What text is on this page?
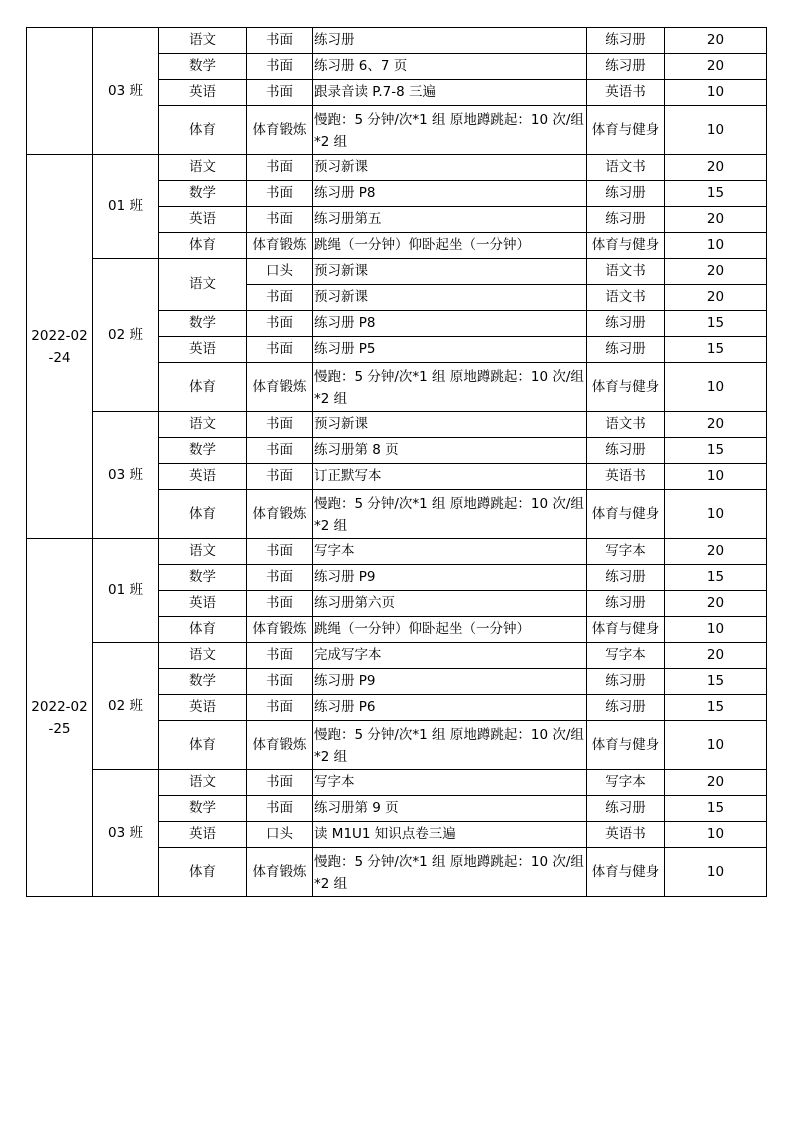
	03 班	语文	书面	练习册	练习册	20
		数学	书面	练习册 6、7 页	练习册	20
		英语	书面	跟录音读 P.7-8 三遍	英语书	10
		体育	体育锻炼	慢跑：5 分钟/次*1 组 原地蹲跳起：10 次/组*2 组	体育与健身	10
2022-02-24	01 班	语文	书面	预习新课	语文书	20
		数学	书面	练习册 P8	练习册	15
		英语	书面	练习册第五	练习册	20
		体育	体育锻炼	跳绳（一分钟）仰卧起坐（一分钟）	体育与健身	10
	02 班	语文	口头	预习新课	语文书	20
			书面	预习新课	语文书	20
		数学	书面	练习册 P8	练习册	15
		英语	书面	练习册 P5	练习册	15
		体育	体育锻炼	慢跑：5 分钟/次*1 组 原地蹲跳起：10 次/组*2 组	体育与健身	10
	03 班	语文	书面	预习新课	语文书	20
		数学	书面	练习册第 8 页	练习册	15
		英语	书面	订正默写本	英语书	10
		体育	体育锻炼	慢跑：5 分钟/次*1 组 原地蹲跳起：10 次/组*2 组	体育与健身	10
2022-02-25	01 班	语文	书面	写字本	写字本	20
		数学	书面	练习册 P9	练习册	15
		英语	书面	练习册第六页	练习册	20
		体育	体育锻炼	跳绳（一分钟）仰卧起坐（一分钟）	体育与健身	10
	02 班	语文	书面	完成写字本	写字本	20
		数学	书面	练习册 P9	练习册	15
		英语	书面	练习册 P6	练习册	15
		体育	体育锻炼	慢跑：5 分钟/次*1 组 原地蹲跳起：10 次/组*2 组	体育与健身	10
	03 班	语文	书面	写字本	写字本	20
		数学	书面	练习册第 9 页	练习册	15
		英语	口头	读 M1U1 知识点卷三遍	英语书	10
		体育	体育锻炼	慢跑：5 分钟/次*1 组 原地蹲跳起：10 次/组*2 组	体育与健身	10
